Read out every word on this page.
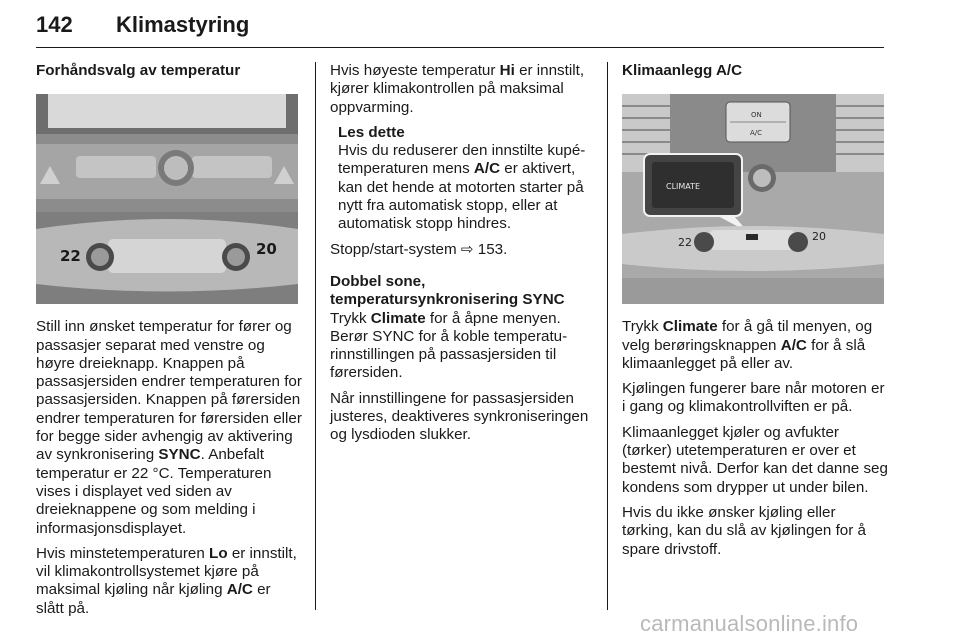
142 Klimastyring

Forhåndsvalg av temperatur

22	20

Still inn ønsket temperatur for fører og passasjer separat med venstre og høyre dreieknapp. Knappen på passasjersiden endrer temperaturen for passasjersiden. Knappen på førersiden endrer temperaturen for førersiden eller for begge sider avhengig av aktivering av synkronisering SYNC. Anbefalt temperatur er 22 °C. Temperaturen vises i displayet ved siden av dreieknappene og som melding i informasjonsdisplayet.

Hvis minstetemperaturen Lo er innstilt, vil klimakontrollsystemet kjøre på maksimal kjøling når kjøling A/C er slått på.

Hvis høyeste temperatur Hi er innstilt, kjører klimakontrollen på maksimal oppvarming.

Les dette

Hvis du reduserer den innstilte kupétemperaturen mens A/C er aktivert, kan det hende at motorten starter på nytt fra automatisk stopp, eller at automatisk stopp hindres.

Stopp/start-system ⇨ 153.

Dobbel sone, temperatursynkronisering SYNC

Trykk Climate for å åpne menyen. Berør SYNC for å koble temperaturinnstillingen på passasjersiden til førersiden.

Når innstillingene for passasjersiden justeres, deaktiveres synkroniseringen og lysdioden slukker.

Klimaanlegg A/C

ON
A/C
CLIMATE
22	20

Trykk Climate for å gå til menyen, og velg berøringsknappen A/C for å slå klimaanlegget på eller av.

Kjølingen fungerer bare når motoren er i gang og klimakontrollviften er på.

Klimaanlegget kjøler og avfukter (tørker) utetemperaturen er over et bestemt nivå. Derfor kan det danne seg kondens som drypper ut under bilen.

Hvis du ikke ønsker kjøling eller tørking, kan du slå av kjølingen for å spare drivstoff.

carmanualsonline.info
